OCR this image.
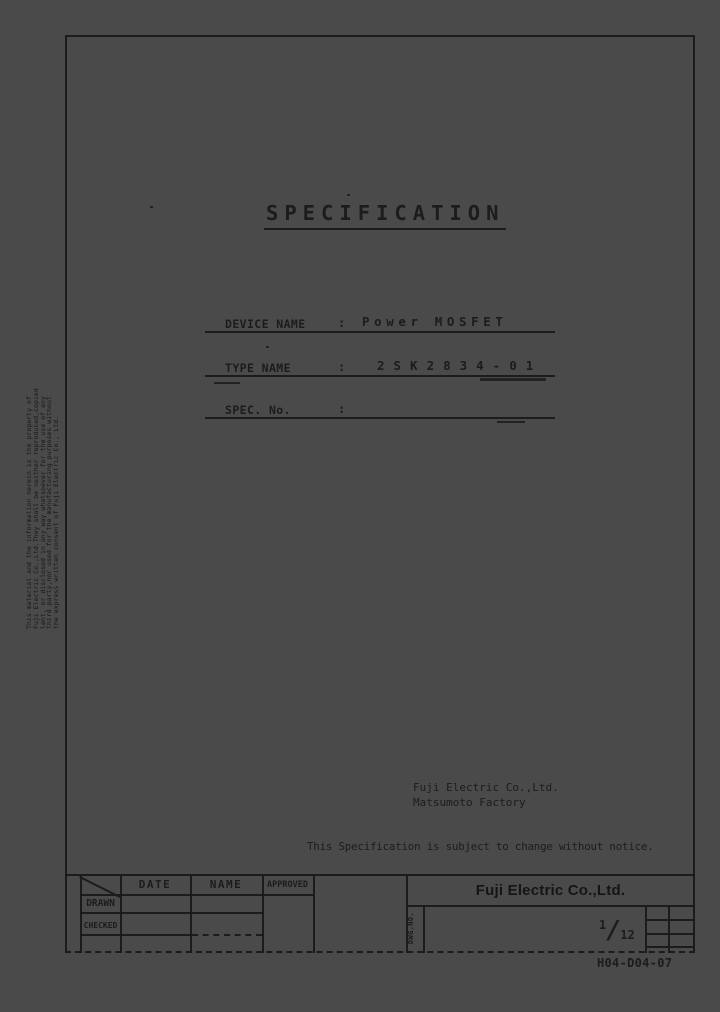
This material and the information herein is the property of
Fuji Electric Co.,Ltd.They shall be neither reproduced,copied
lent, or disclosed in any way whatsoever for the use of any
third party,nor used for the manufacturing purposes without
the express written consent of Fuji Electric Co., Ltd.
SPECIFICATION
DEVICE NAME	: Power MOSFET
TYPE NAME	:	2SK2834-01
SPEC. No.	:
Fuji Electric Co.,Ltd.
Matsumoto Factory
This Specification is subject to change without notice.
DATE	NAME	APPROVED
DRAWN
CHECKED
Fuji Electric Co.,Ltd.
DWG.NO.	$^1$/12
H04-D04-07
